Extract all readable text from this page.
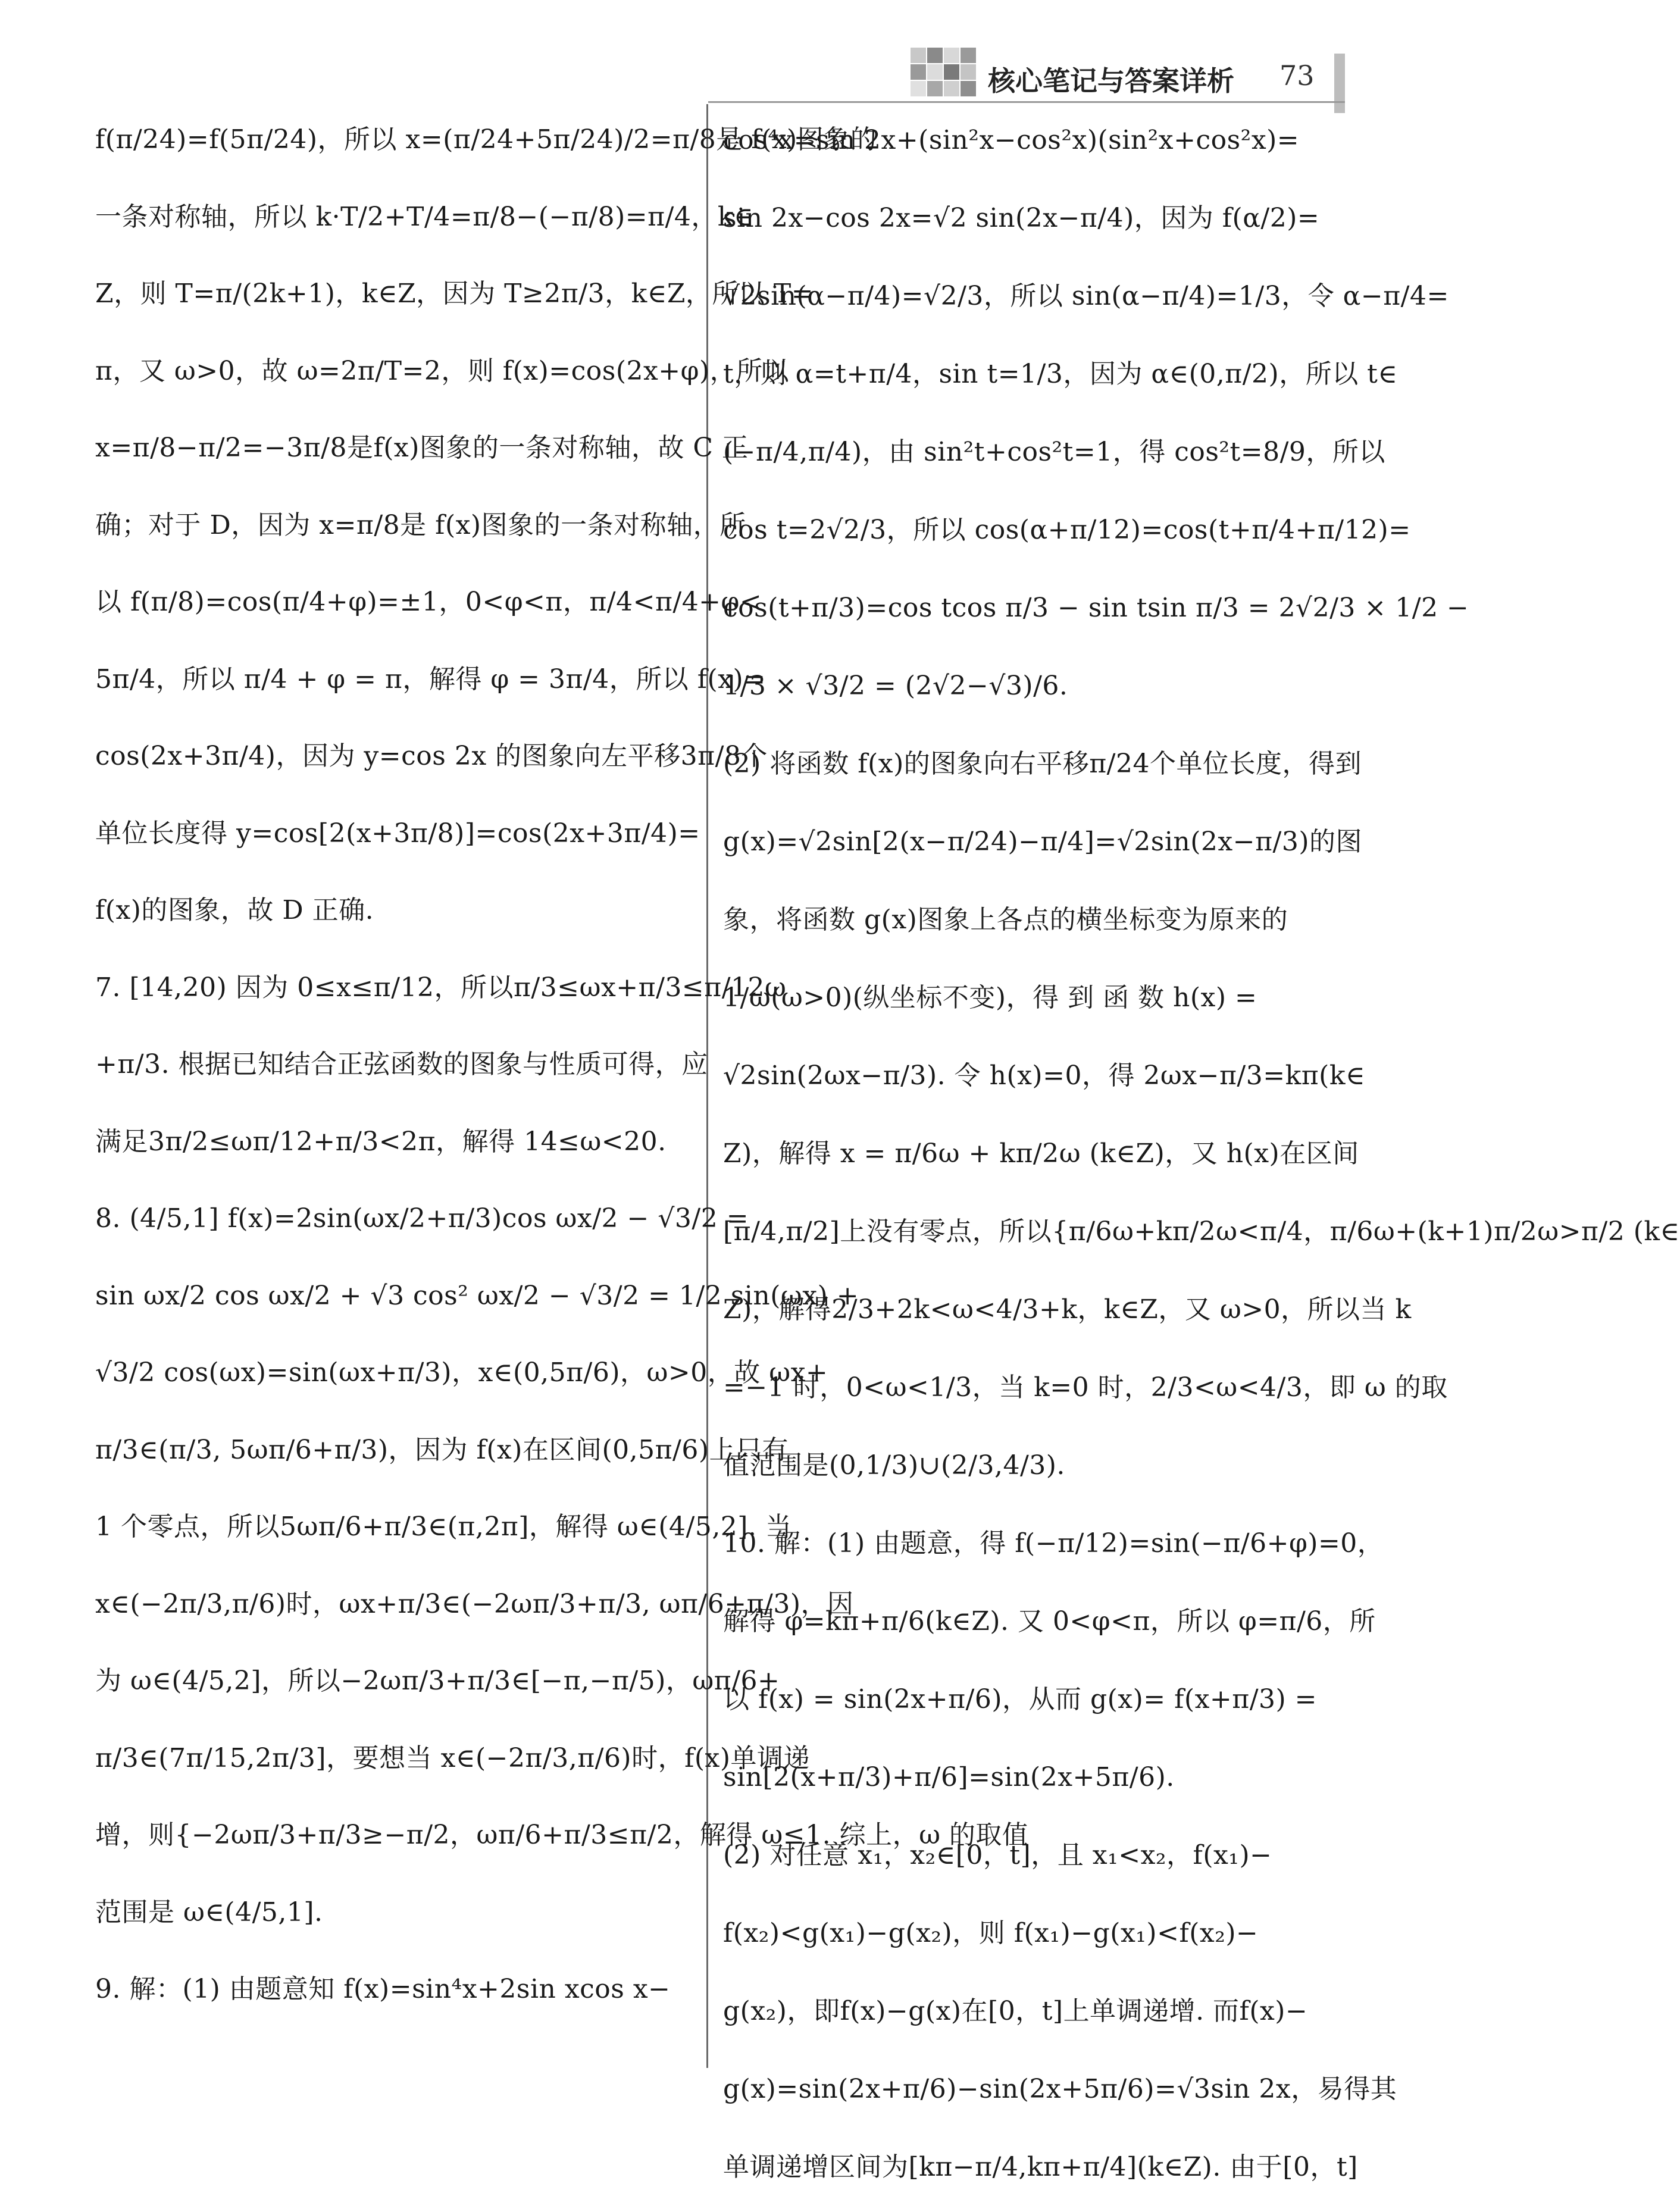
核心笔记与答案详析 73
f(π/24)=f(5π/24)，所以 x=(π/24+5π/24)/2=π/8是 f(x)图象的
一条对称轴，所以 k·T/2+T/4=π/8−(−π/8)=π/4，k∈
Z，则 T=π/(2k+1)，k∈Z，因为 T≥2π/3，k∈Z，所以 T=
π，又 ω>0，故 ω=2π/T=2，则 f(x)=cos(2x+φ)，所以
x=π/8−π/2=−3π/8是f(x)图象的一条对称轴，故 C 正
确；对于 D，因为 x=π/8是 f(x)图象的一条对称轴，所
以 f(π/8)=cos(π/4+φ)=±1，0<φ<π，π/4<π/4+φ<
5π/4，所以 π/4 + φ = π，解得 φ = 3π/4，所以 f(x)=
cos(2x+3π/4)，因为 y=cos 2x 的图象向左平移3π/8个
单位长度得 y=cos[2(x+3π/8)]=cos(2x+3π/4)=
f(x)的图象，故 D 正确.
7. [14,20) 因为 0≤x≤π/12，所以π/3≤ωx+π/3≤π/12ω
+π/3. 根据已知结合正弦函数的图象与性质可得，应
满足3π/2≤ωπ/12+π/3<2π，解得 14≤ω<20.
8. (4/5,1] f(x)=2sin(ωx/2+π/3)cos ωx/2 − √3/2 =
sin ωx/2 cos ωx/2 + √3 cos² ωx/2 − √3/2 = 1/2 sin(ωx) +
√3/2 cos(ωx)=sin(ωx+π/3)，x∈(0,5π/6)，ω>0，故 ωx+
π/3∈(π/3, 5ωπ/6+π/3)，因为 f(x)在区间(0,5π/6)上只有
1 个零点，所以5ωπ/6+π/3∈(π,2π]，解得 ω∈(4/5,2]. 当
x∈(−2π/3,π/6)时，ωx+π/3∈(−2ωπ/3+π/3, ωπ/6+π/3)，因
为 ω∈(4/5,2]，所以−2ωπ/3+π/3∈[−π,−π/5)，ωπ/6+
π/3∈(7π/15,2π/3]，要想当 x∈(−2π/3,π/6)时，f(x)单调递
增，则{−2ωπ/3+π/3≥−π/2，ωπ/6+π/3≤π/2，解得 ω≤1. 综上，ω 的取值
范围是 ω∈(4/5,1].
9. 解：(1) 由题意知 f(x)=sin⁴x+2sin xcos x−
cos⁴x=sin 2x+(sin²x−cos²x)(sin²x+cos²x)=
sin 2x−cos 2x=√2 sin(2x−π/4)，因为 f(α/2)=
√2sin(α−π/4)=√2/3，所以 sin(α−π/4)=1/3，令 α−π/4=
t，则 α=t+π/4，sin t=1/3，因为 α∈(0,π/2)，所以 t∈
(−π/4,π/4)，由 sin²t+cos²t=1，得 cos²t=8/9，所以
cos t=2√2/3，所以 cos(α+π/12)=cos(t+π/4+π/12)=
cos(t+π/3)=cos tcos π/3 − sin tsin π/3 = 2√2/3 × 1/2 −
1/3 × √3/2 = (2√2−√3)/6.
(2) 将函数 f(x)的图象向右平移π/24个单位长度，得到
g(x)=√2sin[2(x−π/24)−π/4]=√2sin(2x−π/3)的图
象，将函数 g(x)图象上各点的横坐标变为原来的
1/ω(ω>0)(纵坐标不变)，得 到 函 数 h(x) =
√2sin(2ωx−π/3). 令 h(x)=0，得 2ωx−π/3=kπ(k∈
Z)，解得 x = π/6ω + kπ/2ω (k∈Z)，又 h(x)在区间
[π/4,π/2]上没有零点，所以{π/6ω+kπ/2ω<π/4，π/6ω+(k+1)π/2ω>π/2 (k∈
Z)，解得2/3+2k<ω<4/3+k，k∈Z，又 ω>0，所以当 k
=−1 时，0<ω<1/3，当 k=0 时，2/3<ω<4/3，即 ω 的取
值范围是(0,1/3)∪(2/3,4/3).
10. 解：(1) 由题意，得 f(−π/12)=sin(−π/6+φ)=0，
解得 φ=kπ+π/6(k∈Z). 又 0<φ<π，所以 φ=π/6，所
以 f(x) = sin(2x+π/6)，从而 g(x)= f(x+π/3) =
sin[2(x+π/3)+π/6]=sin(2x+5π/6).
(2) 对任意 x₁，x₂∈[0，t]，且 x₁<x₂，f(x₁)−
f(x₂)<g(x₁)−g(x₂)，则 f(x₁)−g(x₁)<f(x₂)−
g(x₂)，即f(x)−g(x)在[0，t]上单调递增. 而f(x)−
g(x)=sin(2x+π/6)−sin(2x+5π/6)=√3sin 2x，易得其
单调递增区间为[kπ−π/4,kπ+π/4](k∈Z). 由于[0，t]
